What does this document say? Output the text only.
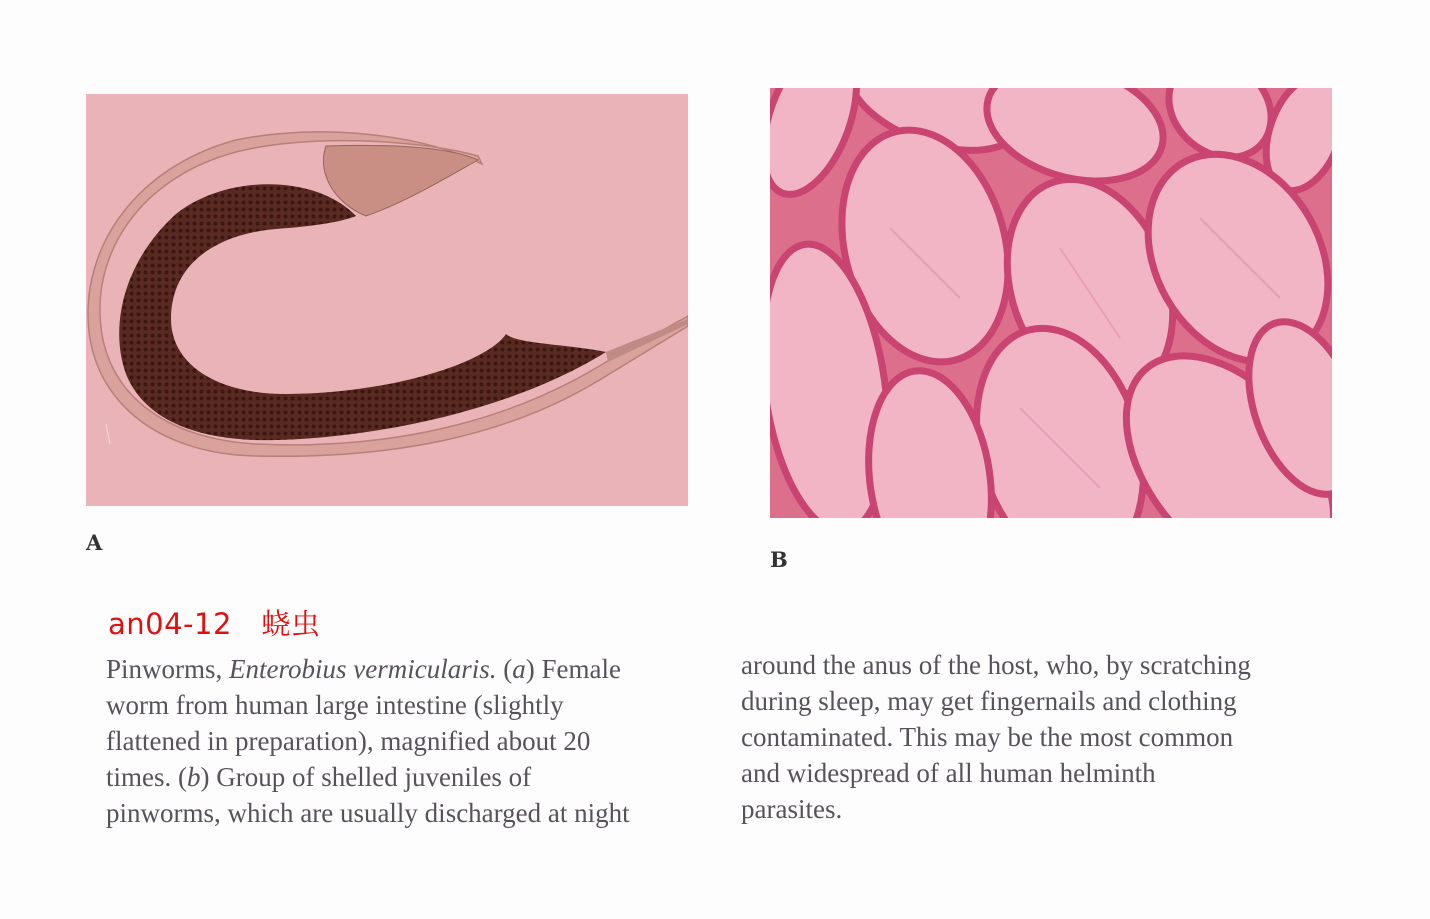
A
B
an04-12　蛲虫
Pinworms, Enterobius vermicularis. (a) Female
worm from human large intestine (slightly
flattened in preparation), magnified about 20
times. (b) Group of shelled juveniles of
pinworms, which are usually discharged at night
around the anus of the host, who, by scratching
during sleep, may get fingernails and clothing
contaminated. This may be the most common
and widespread of all human helminth
parasites.
